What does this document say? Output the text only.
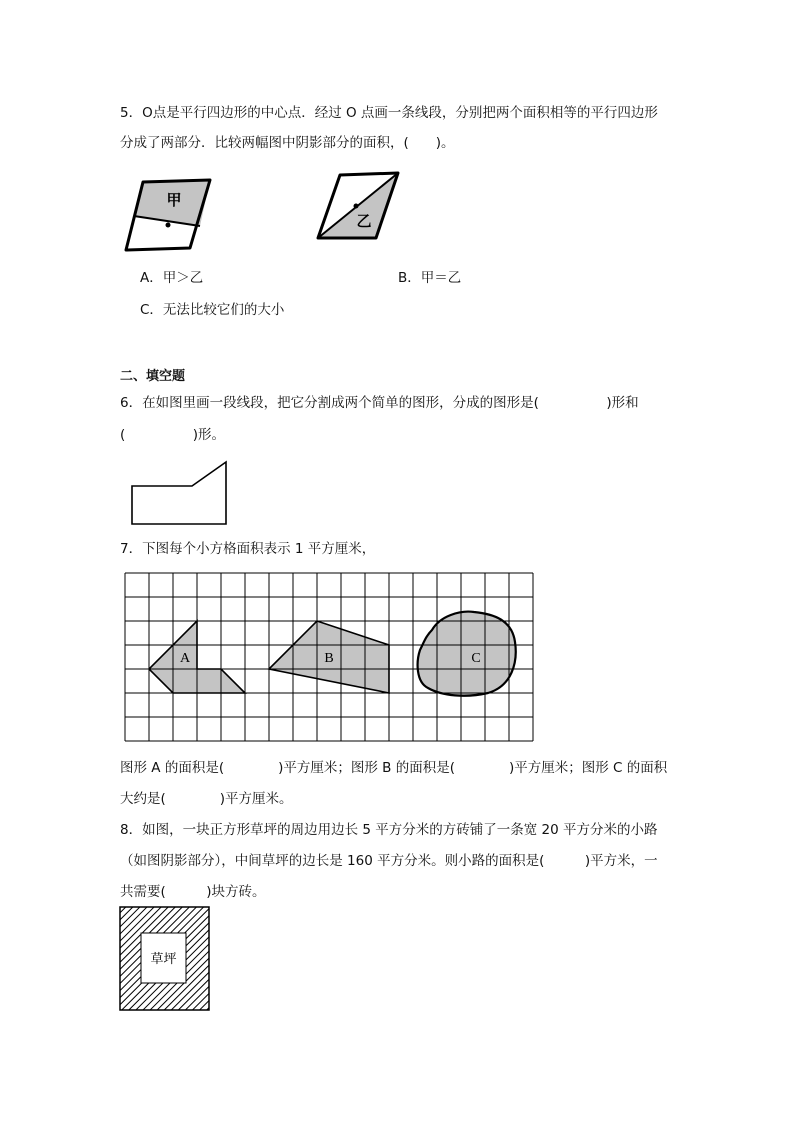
5．O点是平行四边形的中心点．经过 O 点画一条线段，分别把两个面积相等的平行四边形
分成了两部分．比较两幅图中阴影部分的面积，(　　)。
甲
乙
A．甲＞乙	B．甲＝乙
C．无法比较它们的大小
二、填空题
6．在如图里画一段线段，把它分割成两个简单的图形，分成的图形是(　　　　　)形和
(　　　　　)形。
7．下图每个小方格面积表示 1 平方厘米，
A	B	C
图形 A 的面积是(　　　　)平方厘米；图形 B 的面积是(　　　　)平方厘米；图形 C 的面积
大约是(　　　　)平方厘米。
8．如图，一块正方形草坪的周边用边长 5 平方分米的方砖铺了一条宽 20 平方分米的小路
（如图阴影部分），中间草坪的边长是 160 平方分米。则小路的面积是(　　　)平方米，一
共需要(　　　)块方砖。
草坪
